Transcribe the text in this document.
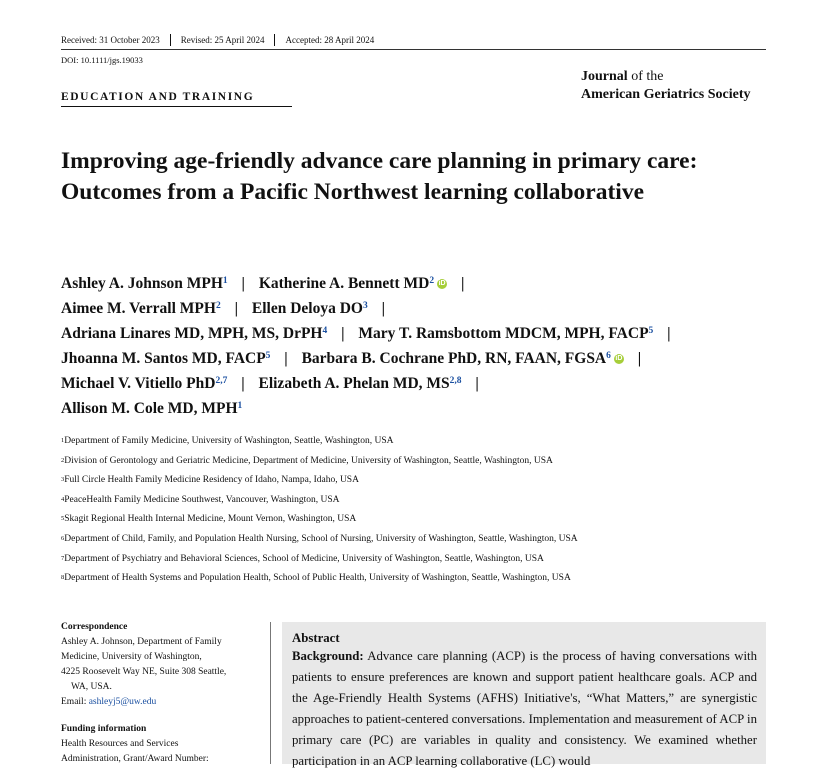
Received: 31 October 2023 Revised: 25 April 2024 Accepted: 28 April 2024
DOI: 10.1111/jgs.19033
Journal of the
American Geriatrics Society
EDUCATION AND TRAINING
Improving age-friendly advance care planning in primary care: Outcomes from a Pacific Northwest learning collaborative
Ashley A. Johnson MPH$^1$ | Katherine A. Bennett $MD^2$ iD |
Aimee M. Verrall MPH$^2$ | Ellen Deloya $DO^3$ |
Adriana Linares MD, MPH, MS, DrPH$^4$ | Mary T. Ramsbottom MDCM, MPH, FACP$^5$ |
Jhoanna M. Santos MD, FACP$^5$ | Barbara B. Cochrane PhD, RN, FAAN, FGSA$^6$ iD |
Michael V. Vitiello PhD$^{2,7}$ | Elizabeth A. Phelan MD, MS$^{2,8}$ |
Allison M. Cole MD, MPH$^1$
$^1$Department of Family Medicine, University of Washington, Seattle, Washington, USA
$^2$Division of Gerontology and Geriatric Medicine, Department of Medicine, University of Washington, Seattle, Washington, USA
$^3$Full Circle Health Family Medicine Residency of Idaho, Nampa, Idaho, USA
$^4$PeaceHealth Family Medicine Southwest, Vancouver, Washington, USA
$^5$Skagit Regional Health Internal Medicine, Mount Vernon, Washington, USA
$^6$Department of Child, Family, and Population Health Nursing, School of Nursing, University of Washington, Seattle, Washington, USA
$^7$Department of Psychiatry and Behavioral Sciences, School of Medicine, University of Washington, Seattle, Washington, USA
$^8$Department of Health Systems and Population Health, School of Public Health, University of Washington, Seattle, Washington, USA
Correspondence
Ashley A. Johnson, Department of Family
Medicine, University of Washington,
4225 Roosevelt Way NE, Suite 308 Seattle,
WA, USA.
Email: ashleyj5@uw.edu
Funding information
Health Resources and Services
Administration, Grant/Award Number:
Abstract
Background: Advance care planning (ACP) is the process of having conversations with patients to ensure preferences are known and support patient healthcare goals. ACP and the Age-Friendly Health Systems (AFHS) Initiative's, “What Matters,” are synergistic approaches to patient-centered conversations. Implementation and measurement of ACP in primary care (PC) are variables in quality and consistency. We examined whether participation in an ACP learning collaborative (LC) would
